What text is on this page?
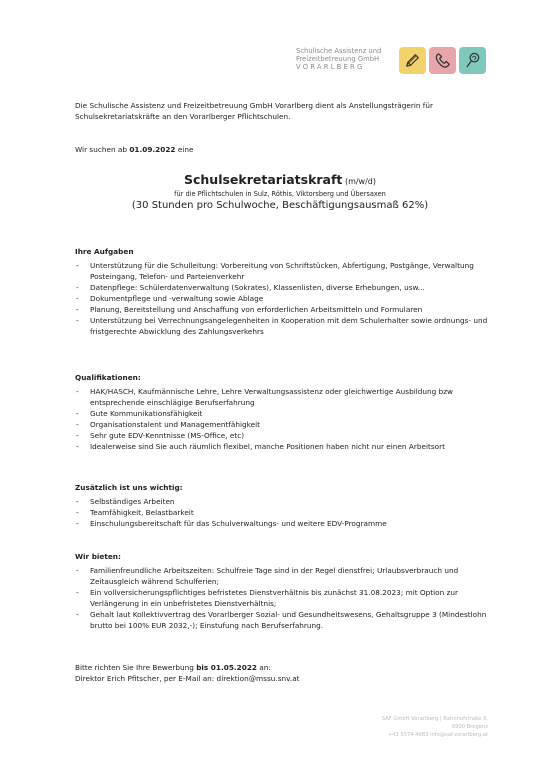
Schulische Assistenz und
Freizeitbetreuung GmbH
VORARLBERG
Die Schulische Assistenz und Freizeitbetreuung GmbH Vorarlberg dient als Anstellungsträgerin für Schulsekretariatskräfte an den Vorarlberger Pflichtschulen.
Wir suchen ab 01.09.2022 eine
Schulsekretariatskraft (m/w/d)
für die Pflichtschulen in Sulz, Röthis, Viktorsberg und Übersaxen
(30 Stunden pro Schulwoche, Beschäftigungsausmaß 62%)
Ihre Aufgaben
- Unterstützung für die Schulleitung: Vorbereitung von Schriftstücken, Abfertigung, Postgänge, Verwaltung Posteingang, Telefon- und Parteienverkehr
- Datenpflege: Schülerdatenverwaltung (Sokrates), Klassenlisten, diverse Erhebungen, usw...
- Dokumentpflege und -verwaltung sowie Ablage
- Planung, Bereitstellung und Anschaffung von erforderlichen Arbeitsmitteln und Formularen
- Unterstützung bei Verrechnungsangelegenheiten in Kooperation mit dem Schulerhalter sowie ordnungs- und fristgerechte Abwicklung des Zahlungsverkehrs
Qualifikationen:
- HAK/HASCH, Kaufmännische Lehre, Lehre Verwaltungsassistenz oder gleichwertige Ausbildung bzw entsprechende einschlägige Berufserfahrung
- Gute Kommunikationsfähigkeit
- Organisationstalent und Managementfähigkeit
- Sehr gute EDV-Kenntnisse (MS-Office, etc)
- Idealerweise sind Sie auch räumlich flexibel, manche Positionen haben nicht nur einen Arbeitsort
Zusätzlich ist uns wichtig:
- Selbständiges Arbeiten
- Teamfähigkeit, Belastbarkeit
- Einschulungsbereitschaft für das Schulverwaltungs- und weitere EDV-Programme
Wir bieten:
- Familienfreundliche Arbeitszeiten: Schulfreie Tage sind in der Regel dienstfrei; Urlaubsverbrauch und Zeitausgleich während Schulferien;
- Ein vollversicherungspflichtiges befristetes Dienstverhältnis bis zunächst 31.08.2023; mit Option zur Verlängerung in ein unbefristetes Dienstverhältnis;
- Gehalt laut Kollektivvertrag des Vorarlberger Sozial- und Gesundheitswesens, Gehaltsgruppe 3 (Mindestlohn brutto bei 100% EUR 2032,-); Einstufung nach Berufserfahrung.
Bitte richten Sie Ihre Bewerbung bis 01.05.2022 an:
Direktor Erich Pfitscher, per E-Mail an: direktion@mssu.snv.at
SAF GmbH Vorarlberg | Bahnhofstraße 9, 6900 Bregenz
+43 5574 4983 info@saf-vorarlberg.at
